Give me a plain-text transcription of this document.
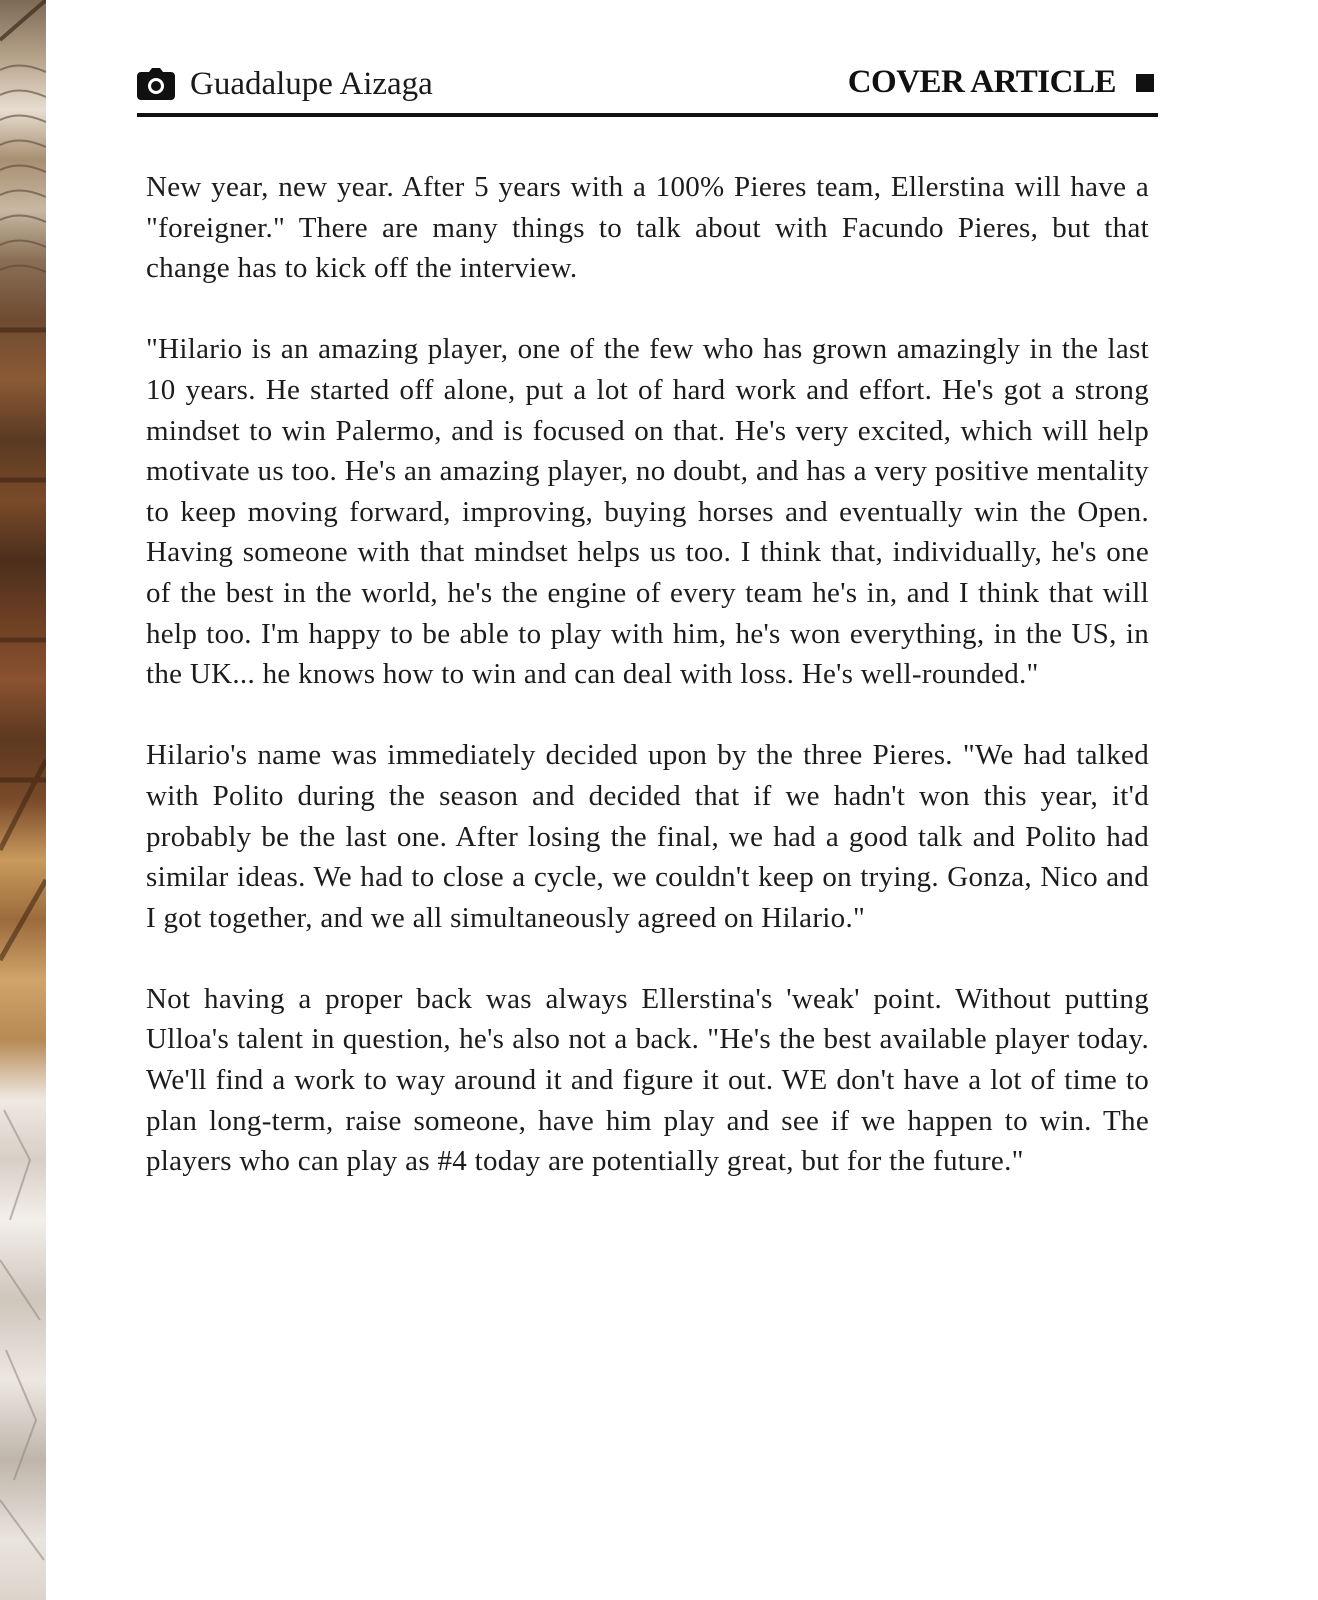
Guadalupe Aizaga	COVER ARTICLE

New year, new year. After 5 years with a 100% Pieres team, Ellerstina will have a "foreigner." There are many things to talk about with Facundo Pieres, but that change has to kick off the interview.

"Hilario is an amazing player, one of the few who has grown amazingly in the last 10 years. He started off alone, put a lot of hard work and effort. He's got a strong mindset to win Palermo, and is focused on that. He's very excited, which will help motivate us too. He's an amazing player, no doubt, and has a very positive mentality to keep moving forward, improving, buying horses and eventually win the Open. Having someone with that mindset helps us too. I think that, individually, he's one of the best in the world, he's the engine of every team he's in, and I think that will help too. I'm happy to be able to play with him, he's won everything, in the US, in the UK... he knows how to win and can deal with loss. He's well-rounded."

Hilario's name was immediately decided upon by the three Pieres. "We had talked with Polito during the season and decided that if we hadn't won this year, it'd probably be the last one. After losing the final, we had a good talk and Polito had similar ideas. We had to close a cycle, we couldn't keep on trying. Gonza, Nico and I got together, and we all simultaneously agreed on Hilario."

Not having a proper back was always Ellerstina's 'weak' point. Without putting Ulloa's talent in question, he's also not a back. "He's the best available player today. We'll find a work to way around it and figure it out. WE don't have a lot of time to plan long-term, raise someone, have him play and see if we happen to win. The players who can play as #4 today are potentially great, but for the future."
